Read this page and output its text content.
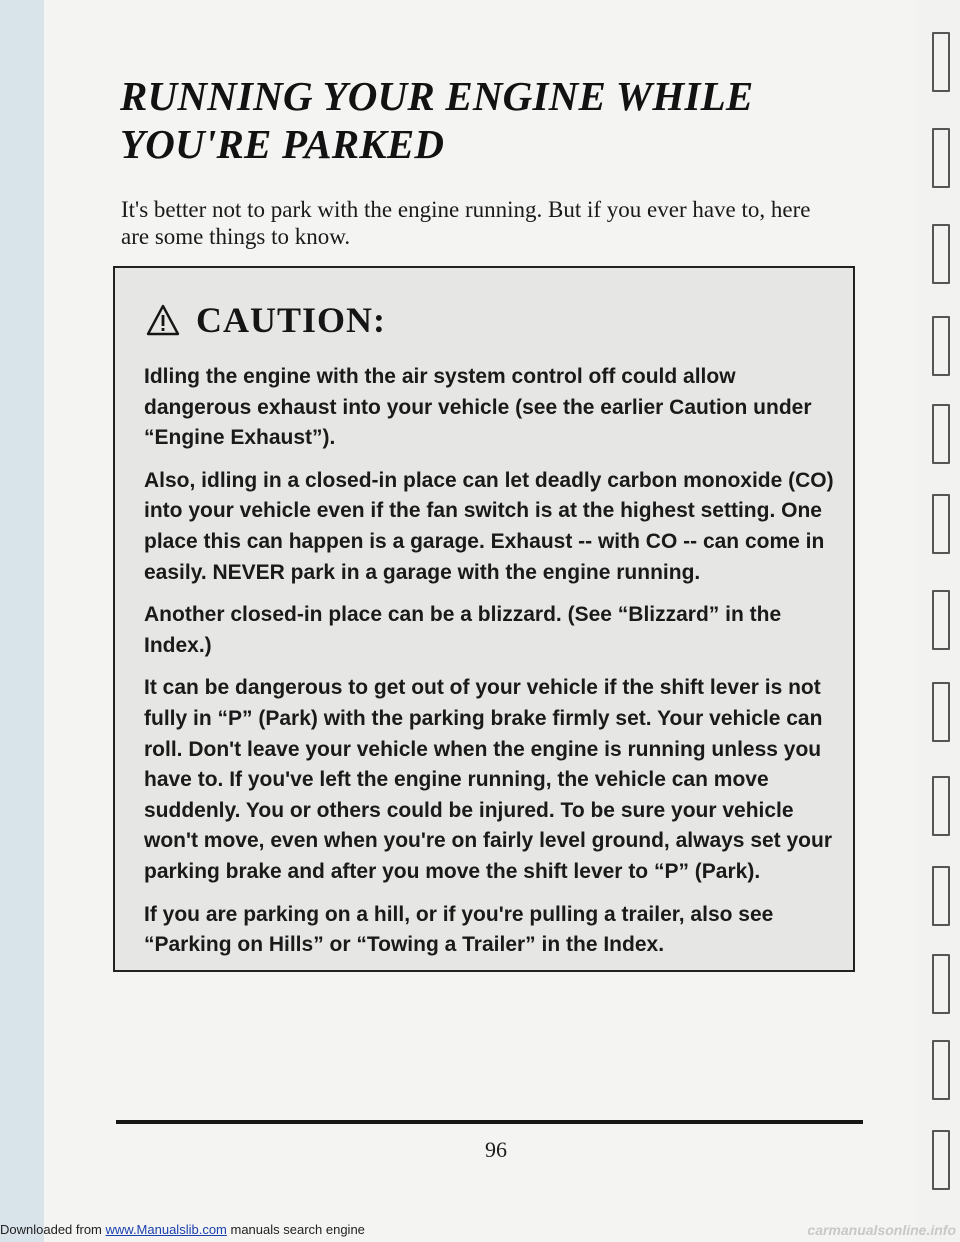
RUNNING YOUR ENGINE WHILE YOU'RE PARKED

It's better not to park with the engine running. But if you ever have to, here are some things to know.

CAUTION:

Idling the engine with the air system control off could allow dangerous exhaust into your vehicle (see the earlier Caution under “Engine Exhaust”).

Also, idling in a closed-in place can let deadly carbon monoxide (CO) into your vehicle even if the fan switch is at the highest setting. One place this can happen is a garage. Exhaust -- with CO -- can come in easily. NEVER park in a garage with the engine running.

Another closed-in place can be a blizzard. (See “Blizzard” in the Index.)

It can be dangerous to get out of your vehicle if the shift lever is not fully in “P” (Park) with the parking brake firmly set. Your vehicle can roll. Don't leave your vehicle when the engine is running unless you have to. If you've left the engine running, the vehicle can move suddenly. You or others could be injured. To be sure your vehicle won't move, even when you're on fairly level ground, always set your parking brake and after you move the shift lever to “P” (Park).

If you are parking on a hill, or if you're pulling a trailer, also see “Parking on Hills” or “Towing a Trailer” in the Index.

96
Downloaded from www.Manualslib.com manuals search engine	carmanualsonline.info
